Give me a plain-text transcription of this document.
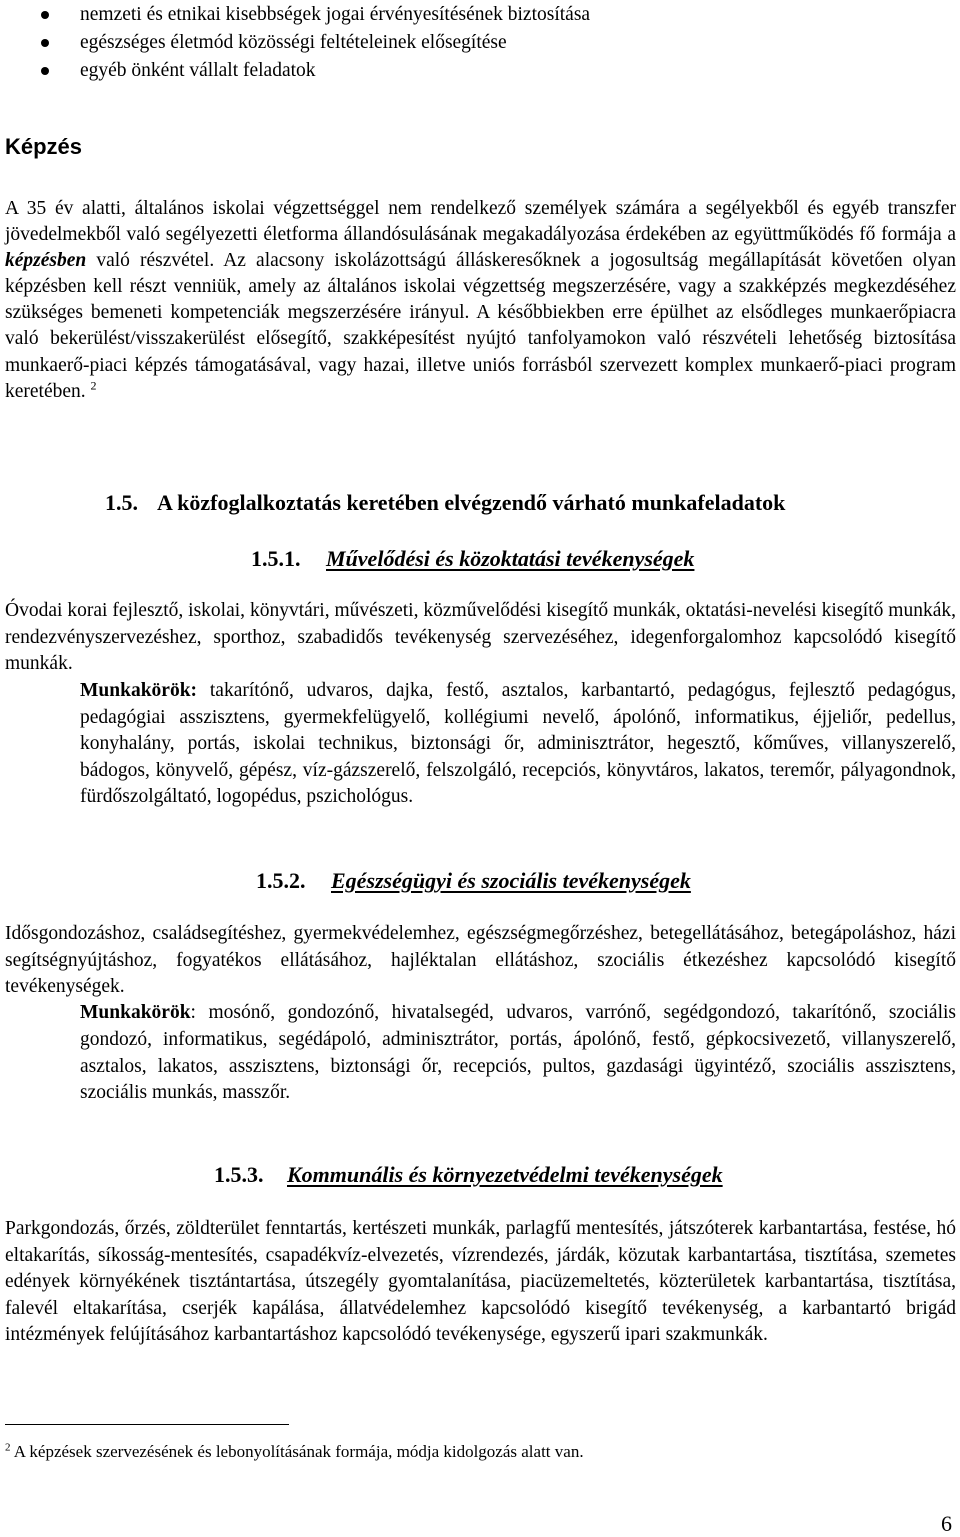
nemzeti és etnikai kisebbségek jogai érvényesítésének biztosítása
egészséges életmód közösségi feltételeinek elősegítése
egyéb önként vállalt feladatok
Képzés

A 35 év alatti, általános iskolai végzettséggel nem rendelkező személyek számára a segélyekből és egyéb transzfer jövedelmekből való segélyezetti életforma állandósulásának megakadályozása érdekében az együttműködés fő formája a képzésben való részvétel. Az alacsony iskolázottságú álláskeresőknek a jogosultság megállapítását követően olyan képzésben kell részt venniük, amely az általános iskolai végzettség megszerzésére, vagy a szakképzés megkezdéséhez szükséges bemeneti kompetenciák megszerzésére irányul. A későbbiekben erre épülhet az elsődleges munkaerőpiacra való bekerülést/visszakerülést elősegítő, szakképesítést nyújtó tanfolyamokon való részvételi lehetőség biztosítása munkaerő-piaci képzés támogatásával, vagy hazai, illetve uniós forrásból szervezett komplex munkaerő-piaci program keretében. $^2$

1.5. A közfoglalkoztatás keretében elvégzendő várható munkafeladatok
1.5.1. Művelődési és közoktatási tevékenységek

Óvodai korai fejlesztő, iskolai, könyvtári, művészeti, közművelődési kisegítő munkák, oktatási-nevelési kisegítő munkák, rendezvényszervezéshez, sporthoz, szabadidős tevékenység szervezéséhez, idegenforgalomhoz kapcsolódó kisegítő munkák.

Munkakörök: takarítónő, udvaros, dajka, festő, asztalos, karbantartó, pedagógus, fejlesztő pedagógus, pedagógiai asszisztens, gyermekfelügyelő, kollégiumi nevelő, ápolónő, informatikus, éjjeliőr, pedellus, konyhalány, portás, iskolai technikus, biztonsági őr, adminisztrátor, hegesztő, kőműves, villanyszerelő, bádogos, könyvelő, gépész, víz-gázszerelő, felszolgáló, recepciós, könyvtáros, lakatos, teremőr, pályagondnok, fürdőszolgáltató, logopédus, pszichológus.

1.5.2. Egészségügyi és szociális tevékenységek

Idősgondozáshoz, családsegítéshez, gyermekvédelemhez, egészségmegőrzéshez, betegellátásához, betegápoláshoz, házi segítségnyújtáshoz, fogyatékos ellátásához, hajléktalan ellátáshoz, szociális étkezéshez kapcsolódó kisegítő tevékenységek.

Munkakörök: mosónő, gondozónő, hivatalsegéd, udvaros, varrónő, segédgondozó, takarítónő, szociális gondozó, informatikus, segédápoló, adminisztrátor, portás, ápolónő, festő, gépkocsivezető, villanyszerelő, asztalos, lakatos, asszisztens, biztonsági őr, recepciós, pultos, gazdasági ügyintéző, szociális asszisztens, szociális munkás, masszőr.

1.5.3. Kommunális és környezetvédelmi tevékenységek

Parkgondozás, őrzés, zöldterület fenntartás, kertészeti munkák, parlagfű mentesítés, játszóterek karbantartása, festése, hó eltakarítás, síkosság-mentesítés, csapadékvíz-elvezetés, vízrendezés, járdák, közutak karbantartása, tisztítása, szemetes edények környékének tisztántartása, útszegély gyomtalanítása, piacüzemeltetés, közterületek karbantartása, tisztítása, falevél eltakarítása, cserjék kapálása, állatvédelemhez kapcsolódó kisegítő tevékenység, a karbantartó brigád intézmények felújításához karbantartáshoz kapcsolódó tevékenysége, egyszerű ipari szakmunkák.

$^2$ A képzések szervezésének és lebonyolításának formája, módja kidolgozás alatt van.

6
